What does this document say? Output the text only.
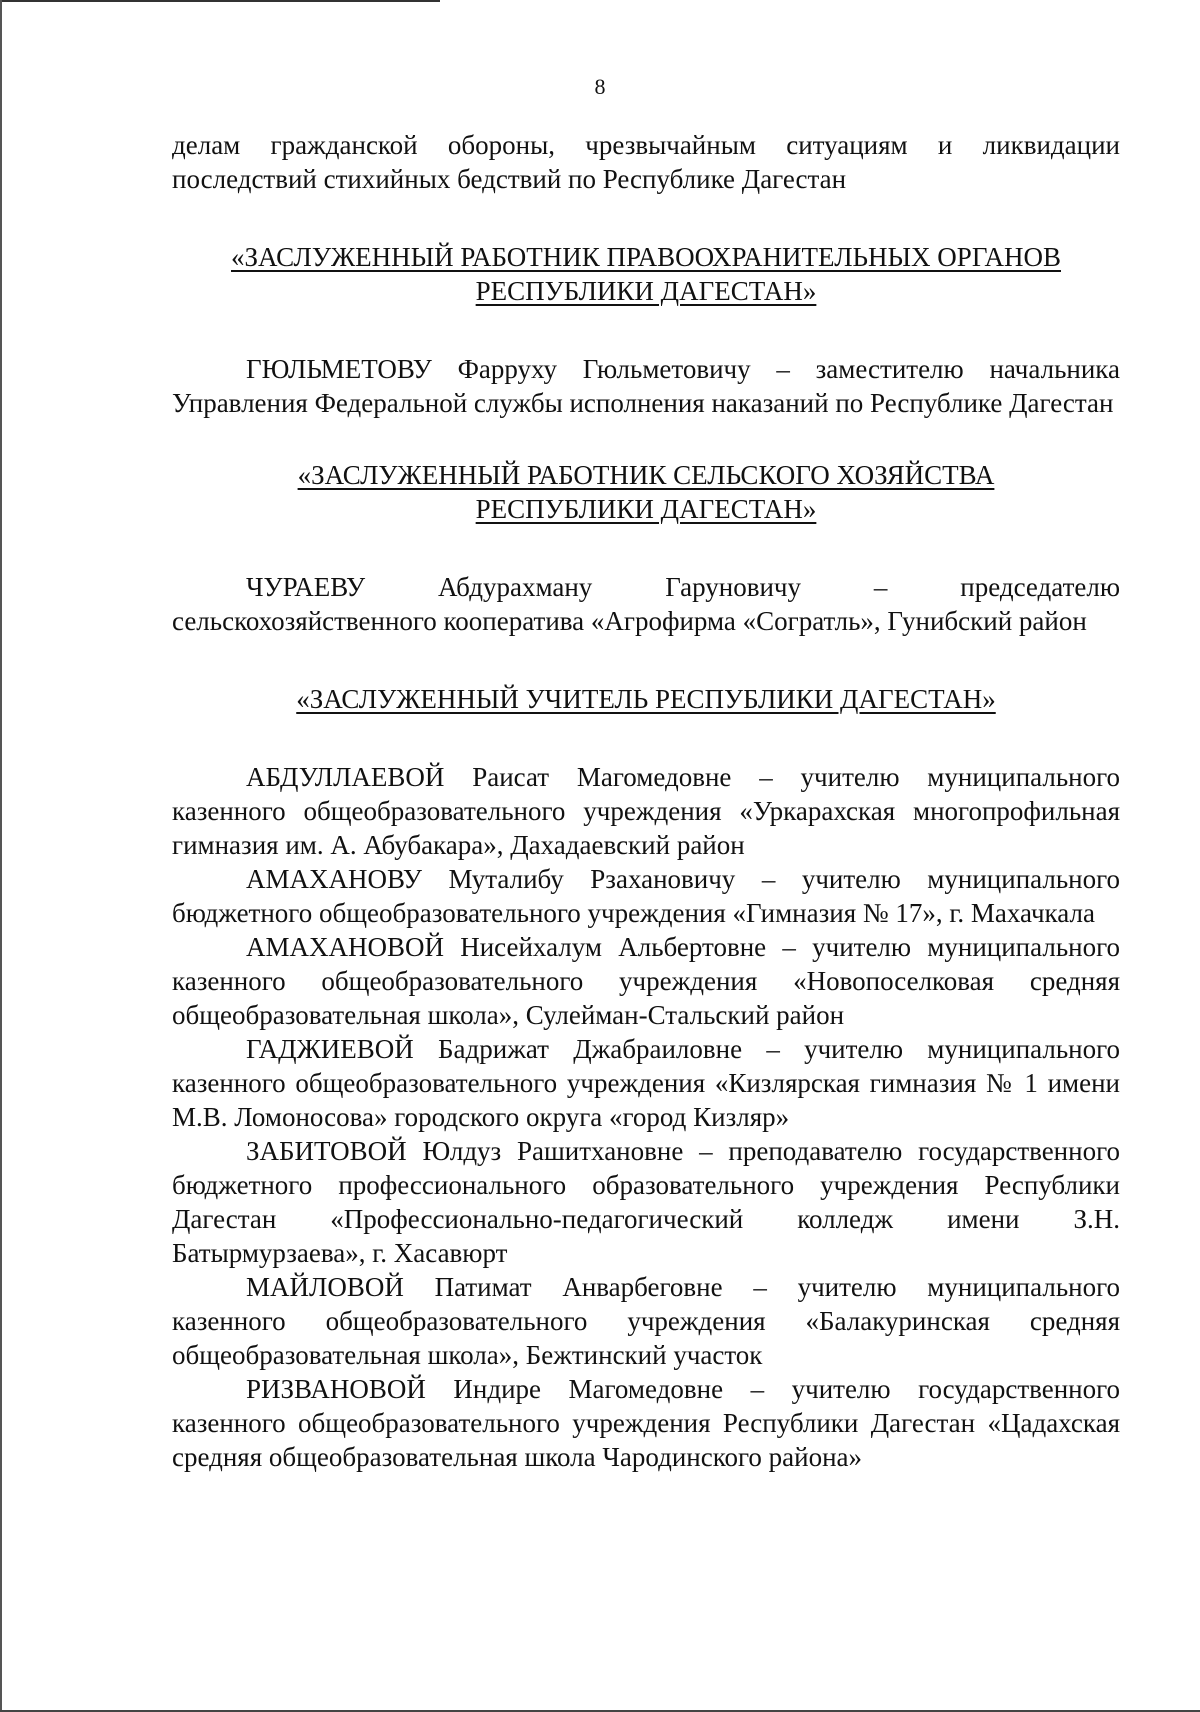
8

делам гражданской обороны, чрезвычайным ситуациям и ликвидации последствий стихийных бедствий по Республике Дагестан

«ЗАСЛУЖЕННЫЙ РАБОТНИК ПРАВООХРАНИТЕЛЬНЫХ ОРГАНОВ
РЕСПУБЛИКИ ДАГЕСТАН»

ГЮЛЬМЕТОВУ Фарруху Гюльметовичу – заместителю начальника Управления Федеральной службы исполнения наказаний по Республике Дагестан

«ЗАСЛУЖЕННЫЙ РАБОТНИК СЕЛЬСКОГО ХОЗЯЙСТВА
РЕСПУБЛИКИ ДАГЕСТАН»

ЧУРАЕВУ Абдурахману Гаруновичу – председателю сельскохозяйственного кооператива «Агрофирма «Согратль», Гунибский район

«ЗАСЛУЖЕННЫЙ УЧИТЕЛЬ РЕСПУБЛИКИ ДАГЕСТАН»

АБДУЛЛАЕВОЙ Раисат Магомедовне – учителю муниципального казенного общеобразовательного учреждения «Уркарахская многопрофильная гимназия им. А. Абубакара», Дахадаевский район

АМАХАНОВУ Муталибу Рзахановичу – учителю муниципального бюджетного общеобразовательного учреждения «Гимназия № 17», г. Махачкала

АМАХАНОВОЙ Нисейхалум Альбертовне – учителю муниципального казенного общеобразовательного учреждения «Новопоселковая средняя общеобразовательная школа», Сулейман-Стальский район

ГАДЖИЕВОЙ Бадрижат Джабраиловне – учителю муниципального казенного общеобразовательного учреждения «Кизлярская гимназия № 1 имени М.В. Ломоносова» городского округа «город Кизляр»

ЗАБИТОВОЙ Юлдуз Рашитхановне – преподавателю государственного бюджетного профессионального образовательного учреждения Республики Дагестан «Профессионально-педагогический колледж имени З.Н. Батырмурзаева», г. Хасавюрт

МАЙЛОВОЙ Патимат Анварбеговне – учителю муниципального казенного общеобразовательного учреждения «Балакуринская средняя общеобразовательная школа», Бежтинский участок

РИЗВАНОВОЙ Индире Магомедовне – учителю государственного казенного общеобразовательного учреждения Республики Дагестан «Цадахская средняя общеобразовательная школа Чародинского района»
